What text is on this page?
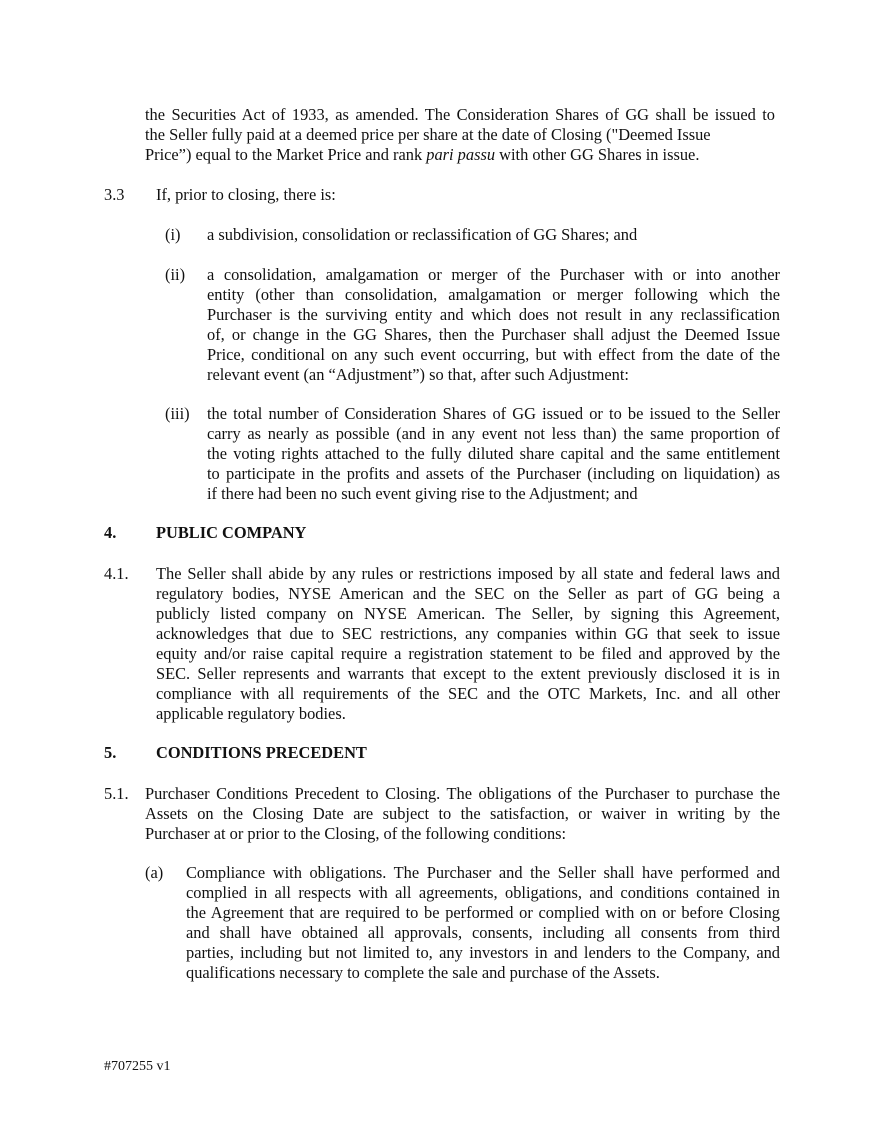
the Securities Act of 1933, as amended. The Consideration Shares of GG shall be issued to
the Seller fully paid at a deemed price per share at the date of Closing ("Deemed Issue
Price”) equal to the Market Price and rank pari passu with other GG Shares in issue.
3.3 If, prior to closing, there is:
(i) a subdivision, consolidation or reclassification of GG Shares; and
(ii) a consolidation, amalgamation or merger of the Purchaser with or into another
entity (other than consolidation, amalgamation or merger following which the
Purchaser is the surviving entity and which does not result in any reclassification
of, or change in the GG Shares, then the Purchaser shall adjust the Deemed Issue
Price, conditional on any such event occurring, but with effect from the date of the
relevant event (an “Adjustment”) so that, after such Adjustment:
(iii) the total number of Consideration Shares of GG issued or to be issued to the Seller
carry as nearly as possible (and in any event not less than) the same proportion of
the voting rights attached to the fully diluted share capital and the same entitlement
to participate in the profits and assets of the Purchaser (including on liquidation) as
if there had been no such event giving rise to the Adjustment; and
4. PUBLIC COMPANY
4.1. The Seller shall abide by any rules or restrictions imposed by all state and federal laws and
regulatory bodies, NYSE American and the SEC on the Seller as part of GG being a
publicly listed company on NYSE American. The Seller, by signing this Agreement,
acknowledges that due to SEC restrictions, any companies within GG that seek to issue
equity and/or raise capital require a registration statement to be filed and approved by the
SEC. Seller represents and warrants that except to the extent previously disclosed it is in
compliance with all requirements of the SEC and the OTC Markets, Inc. and all other
applicable regulatory bodies.
5. CONDITIONS PRECEDENT
5.1. Purchaser Conditions Precedent to Closing. The obligations of the Purchaser to purchase the
Assets on the Closing Date are subject to the satisfaction, or waiver in writing by the
Purchaser at or prior to the Closing, of the following conditions:
(a) Compliance with obligations. The Purchaser and the Seller shall have performed and
complied in all respects with all agreements, obligations, and conditions contained in
the Agreement that are required to be performed or complied with on or before Closing
and shall have obtained all approvals, consents, including all consents from third
parties, including but not limited to, any investors in and lenders to the Company, and
qualifications necessary to complete the sale and purchase of the Assets.
#707255 v1
